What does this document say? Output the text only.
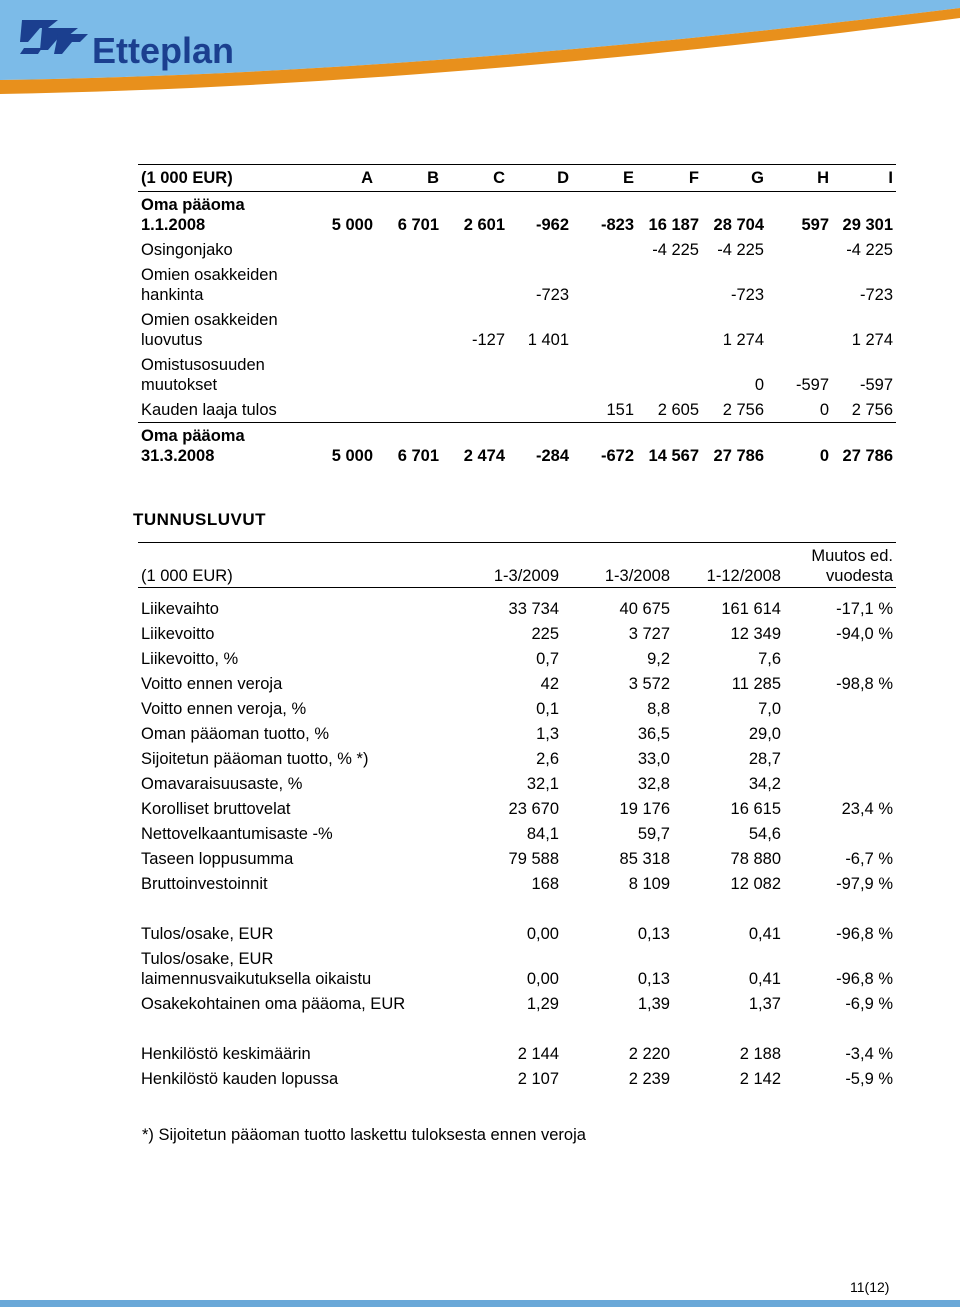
Etteplan
(1 000 EUR)	A	B	C	D	E	F	G	H	I
Oma pääoma
1.1.2008	5 000	6 701	2 601	-962	-823	16 187	28 704	597	29 301
Osingonjako						-4 225	-4 225		-4 225
Omien osakkeiden
hankinta				-723			-723		-723
Omien osakkeiden
luovutus			-127	1 401			1 274		1 274
Omistusosuuden
muutokset							0	-597	-597
Kauden laaja tulos					151	2 605	2 756	0	2 756
Oma pääoma
31.3.2008	5 000	6 701	2 474	-284	-672	14 567	27 786	0	27 786
TUNNUSLUVUT
(1 000 EUR)	1-3/2009	1-3/2008	1-12/2008	Muutos ed.
vuodesta

Liikevaihto	33 734	40 675	161 614	-17,1 %
Liikevoitto	225	3 727	12 349	-94,0 %
Liikevoitto, %	0,7	9,2	7,6	
Voitto ennen veroja	42	3 572	11 285	-98,8 %
Voitto ennen veroja, %	0,1	8,8	7,0	
Oman pääoman tuotto, %	1,3	36,5	29,0	
Sijoitetun pääoman tuotto, % *)	2,6	33,0	28,7	
Omavaraisuusaste, %	32,1	32,8	34,2	
Korolliset bruttovelat	23 670	19 176	16 615	23,4 %
Nettovelkaantumisaste -%	84,1	59,7	54,6	
Taseen loppusumma	79 588	85 318	78 880	-6,7 %
Bruttoinvestoinnit	168	8 109	12 082	-97,9 %

Tulos/osake, EUR	0,00	0,13	0,41	-96,8 %
Tulos/osake, EUR
laimennusvaikutuksella oikaistu	0,00	0,13	0,41	-96,8 %
Osakekohtainen oma pääoma, EUR	1,29	1,39	1,37	-6,9 %

Henkilöstö keskimäärin	2 144	2 220	2 188	-3,4 %
Henkilöstö kauden lopussa	2 107	2 239	2 142	-5,9 %
*) Sijoitetun pääoman tuotto laskettu tuloksesta ennen veroja
11(12)
